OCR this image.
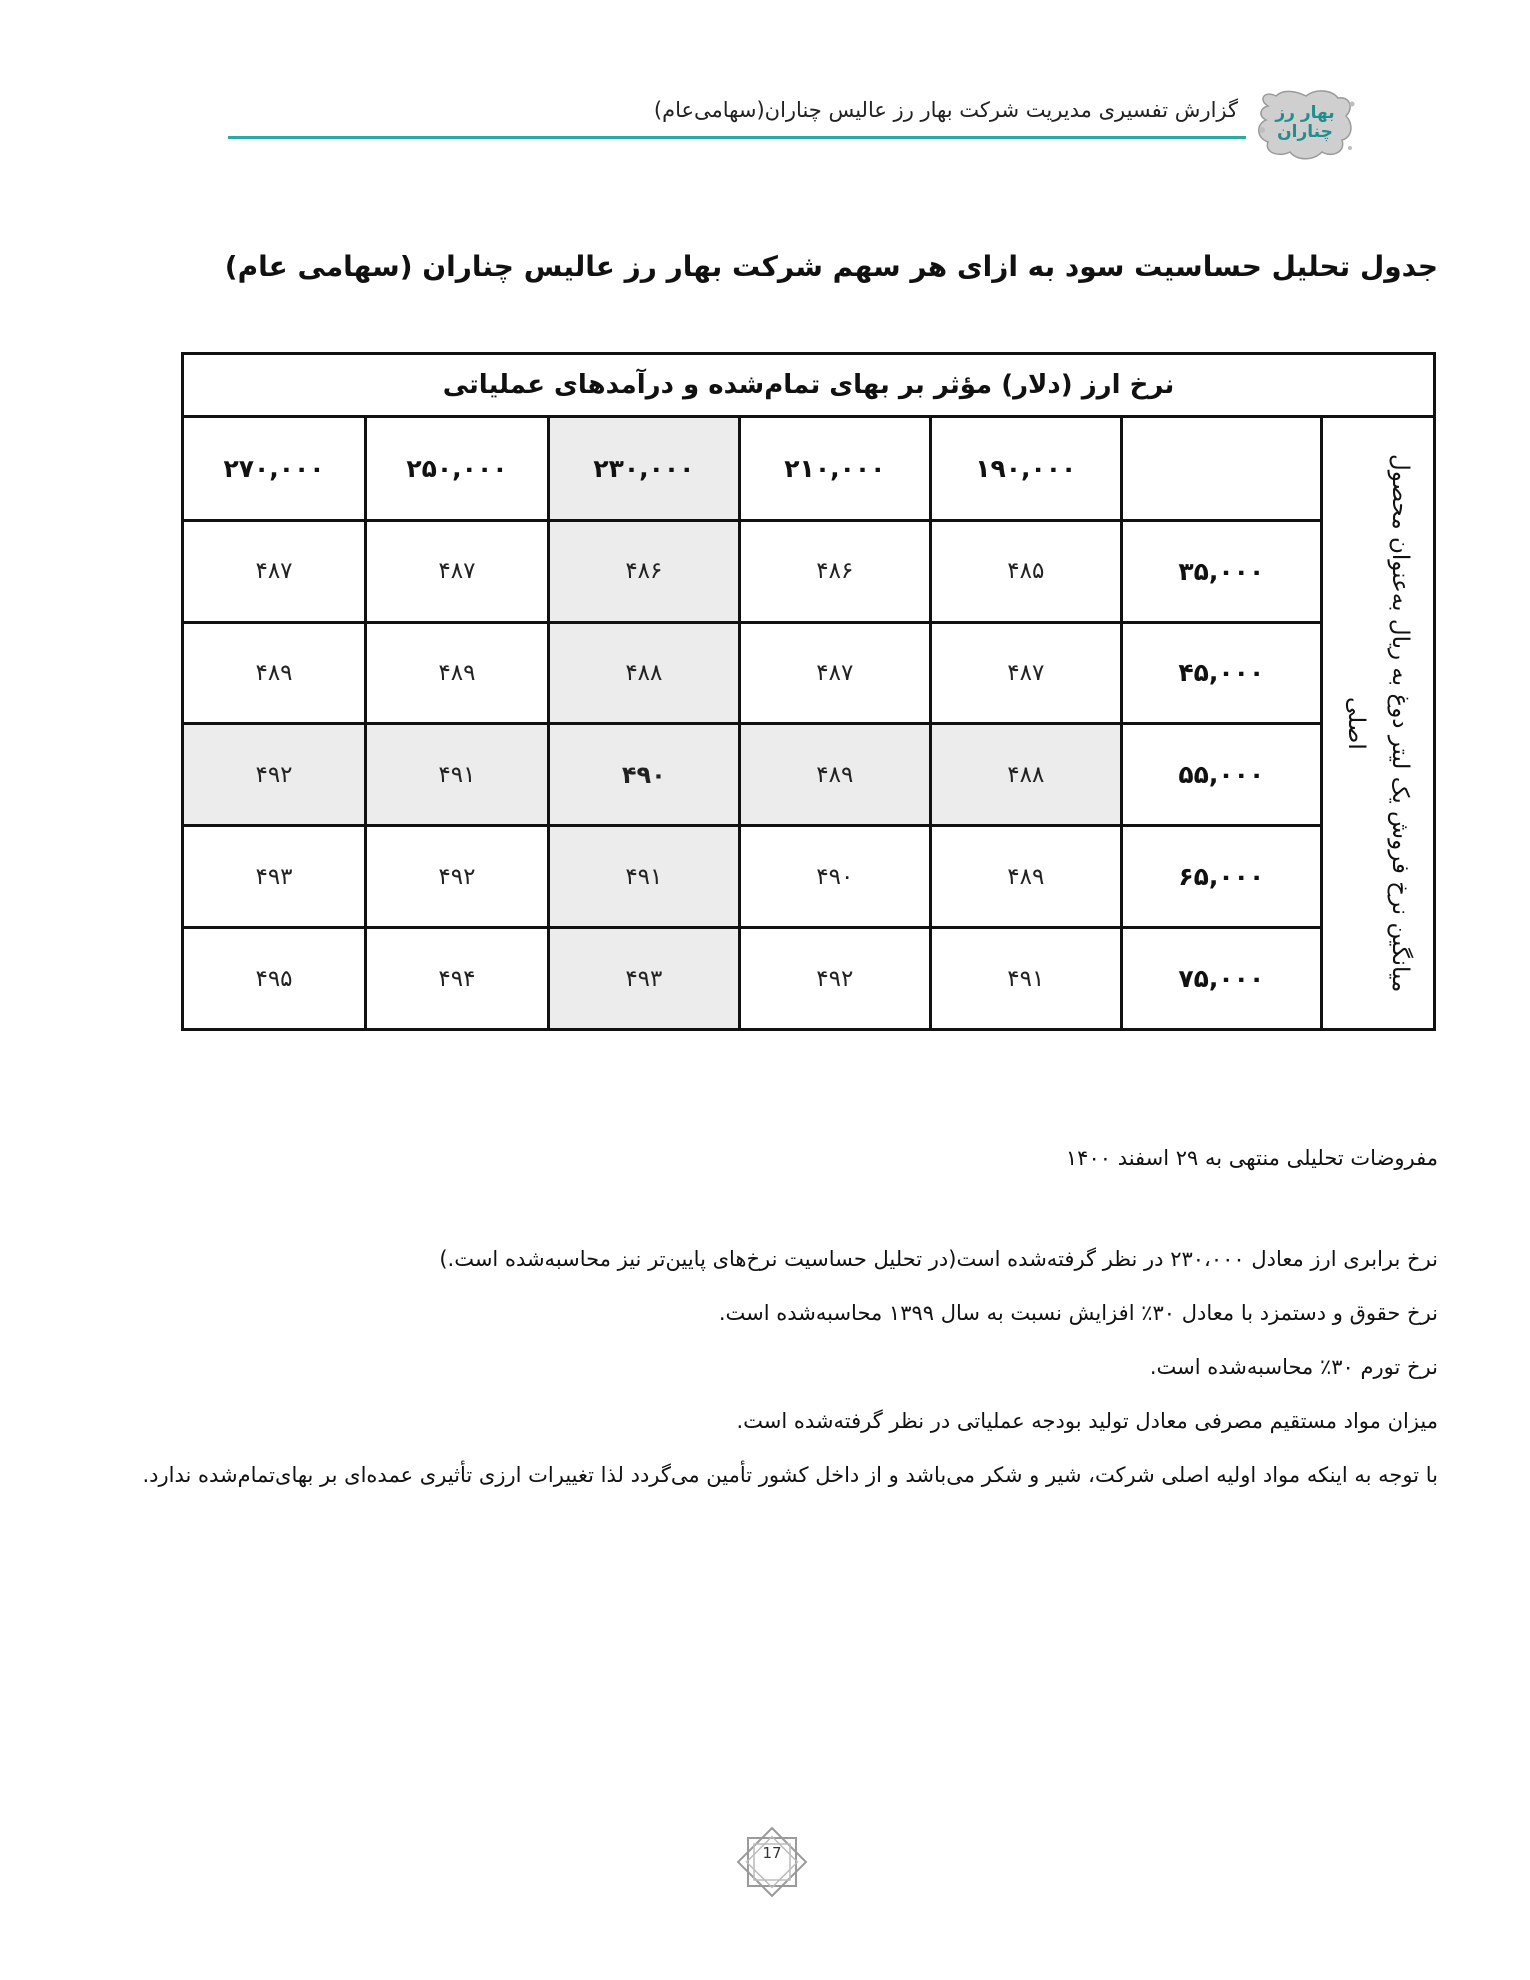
گزارش تفسیری مدیریت شرکت بهار رز عالیس چناران(سهامی‌عام) بهار رز چناران
جدول تحلیل حساسیت سود به ازای هر سهم شرکت بهار رز عالیس چناران (سهامی عام)
نرخ ارز (دلار) مؤثر بر بهای تمام‌شده و درآمدهای عملیاتی						

میانگین نرخ فروش یک لیتر دوغ به ریال به‌عنوان محصول اصلی		۱۹۰,۰۰۰	۲۱۰,۰۰۰	۲۳۰,۰۰۰	۲۵۰,۰۰۰	۲۷۰,۰۰۰
	۳۵,۰۰۰	۴۸۵	۴۸۶	۴۸۶	۴۸۷	۴۸۷
	۴۵,۰۰۰	۴۸۷	۴۸۷	۴۸۸	۴۸۹	۴۸۹
	۵۵,۰۰۰	۴۸۸	۴۸۹	۴۹۰	۴۹۱	۴۹۲
	۶۵,۰۰۰	۴۸۹	۴۹۰	۴۹۱	۴۹۲	۴۹۳
	۷۵,۰۰۰	۴۹۱	۴۹۲	۴۹۳	۴۹۴	۴۹۵

مفروضات تحلیلی منتهی به ۲۹ اسفند ۱۴۰۰

نرخ برابری ارز معادل ۲۳۰،۰۰۰ در نظر گرفته‌شده است(در تحلیل حساسیت نرخ‌های پایین‌تر نیز محاسبه‌شده است.)

نرخ حقوق و دستمزد با معادل ۳۰٪ افزایش نسبت به سال ۱۳۹۹ محاسبه‌شده است.

نرخ تورم ۳۰٪ محاسبه‌شده است.

میزان مواد مستقیم مصرفی معادل تولید بودجه عملیاتی در نظر گرفته‌شده است.

با توجه به اینکه مواد اولیه اصلی شرکت، شیر و شکر می‌باشد و از داخل کشور تأمین می‌گردد لذا تغییرات ارزی تأثیری عمده‌ای بر بهای‌تمام‌شده ندارد.

17
